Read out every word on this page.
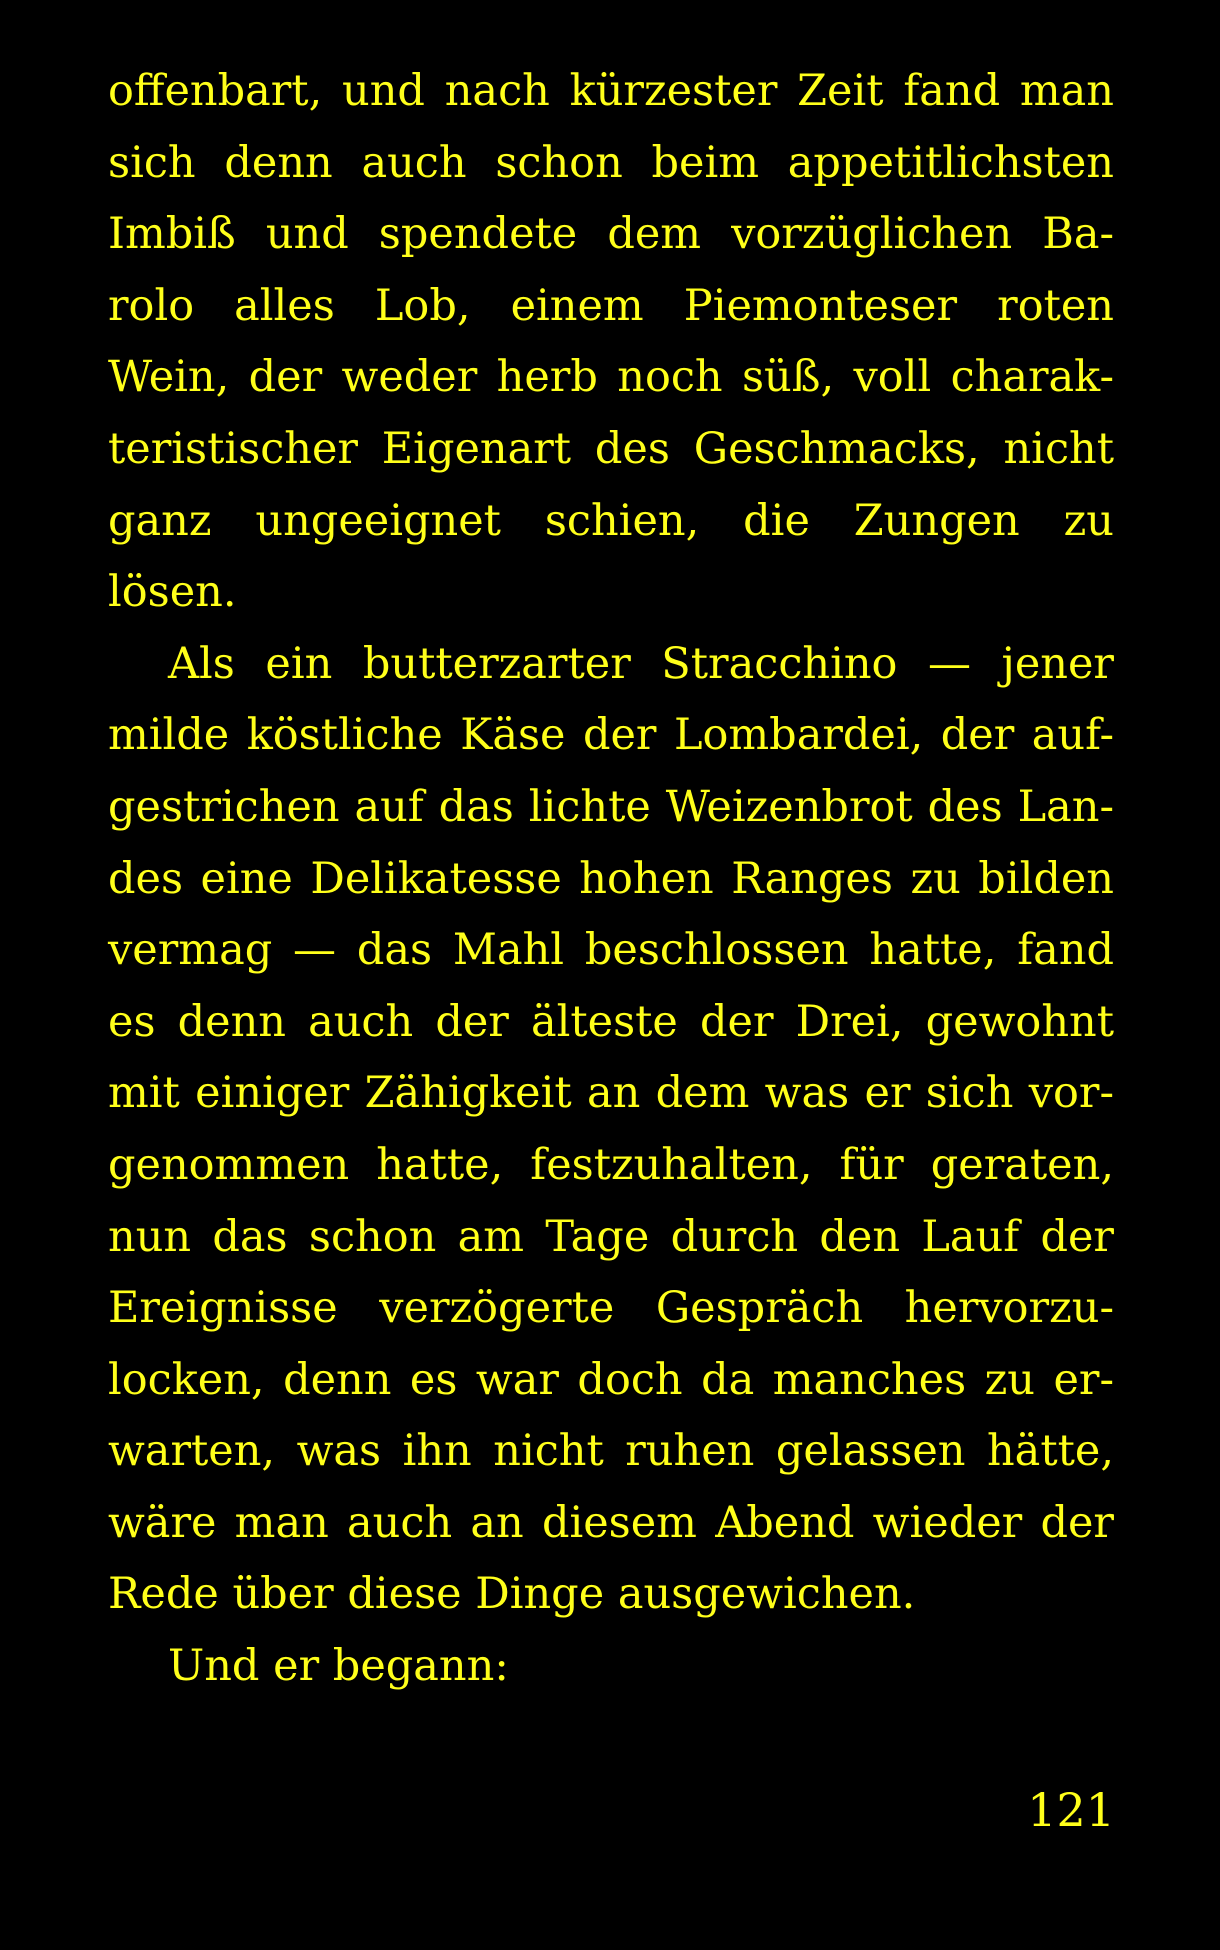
offenbart, und nach kürzester Zeit fand man
sich denn auch schon beim appetitlichsten
Imbiß und spendete dem vorzüglichen Ba-
rolo alles Lob, einem Piemonteser roten
Wein, der weder herb noch süß, voll charak-
teristischer Eigenart des Geschmacks, nicht
ganz ungeeignet schien, die Zungen zu
lösen.
Als ein butterzarter Stracchino — jener
milde köstliche Käse der Lombardei, der auf-
gestrichen auf das lichte Weizenbrot des Lan-
des eine Delikatesse hohen Ranges zu bilden
vermag — das Mahl beschlossen hatte, fand
es denn auch der älteste der Drei, gewohnt
mit einiger Zähigkeit an dem was er sich vor-
genommen hatte, festzuhalten, für geraten,
nun das schon am Tage durch den Lauf der
Ereignisse verzögerte Gespräch hervorzu-
locken, denn es war doch da manches zu er-
warten, was ihn nicht ruhen gelassen hätte,
wäre man auch an diesem Abend wieder der
Rede über diese Dinge ausgewichen.
Und er begann:
121
